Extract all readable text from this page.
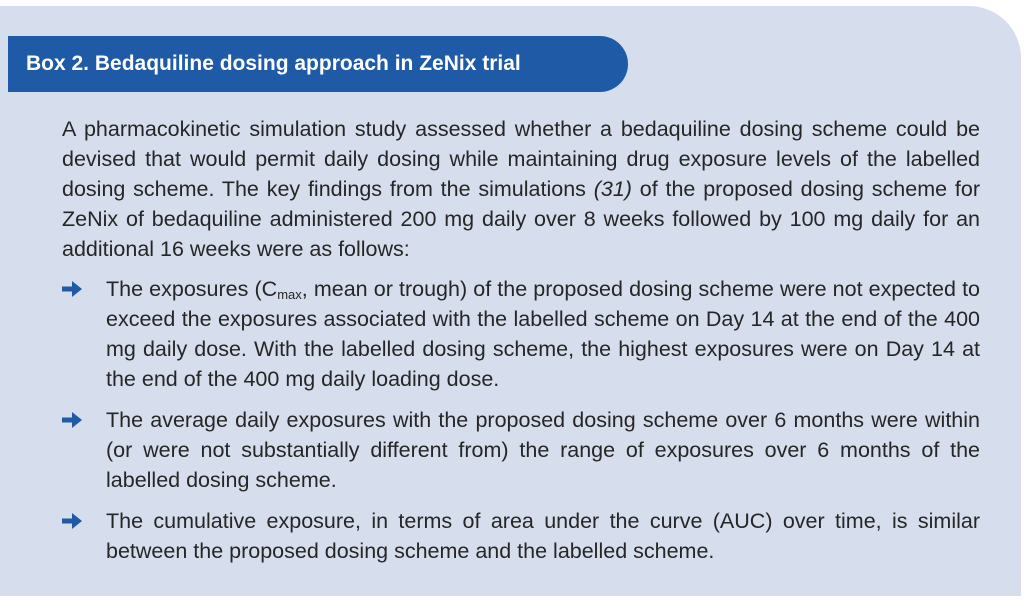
Box 2. Bedaquiline dosing approach in ZeNix trial

A pharmacokinetic simulation study assessed whether a bedaquiline dosing scheme could be devised that would permit daily dosing while maintaining drug exposure levels of the labelled dosing scheme. The key findings from the simulations (31) of the proposed dosing scheme for ZeNix of bedaquiline administered 200 mg daily over 8 weeks followed by 100 mg daily for an additional 16 weeks were as follows:

The exposures ($C_{max}$, mean or trough) of the proposed dosing scheme were not expected to exceed the exposures associated with the labelled scheme on Day 14 at the end of the 400 mg daily dose. With the labelled dosing scheme, the highest exposures were on Day 14 at the end of the 400 mg daily loading dose.
The average daily exposures with the proposed dosing scheme over 6 months were within (or were not substantially different from) the range of exposures over 6 months of the labelled dosing scheme.
The cumulative exposure, in terms of area under the curve (AUC) over time, is similar between the proposed dosing scheme and the labelled scheme.
